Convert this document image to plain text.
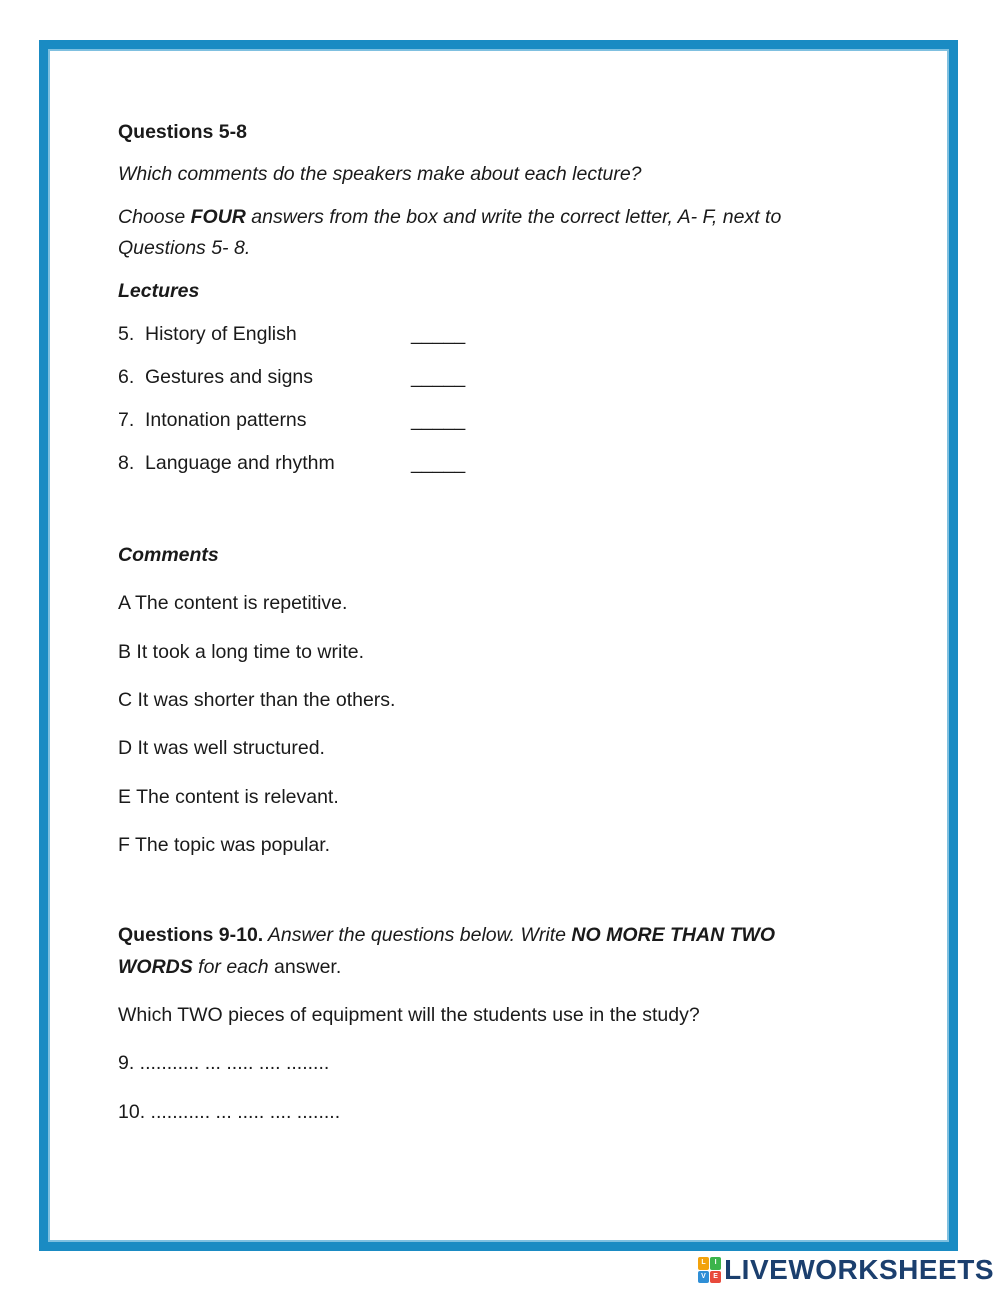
Questions 5-8
Which comments do the speakers make about each lecture?
Choose FOUR answers from the box and write the correct letter, A- F, next to
Questions 5- 8.
Lectures
5. History of English	_____
6. Gestures and signs	_____
7. Intonation patterns	_____
8. Language and rhythm	_____
Comments
A The content is repetitive.
B It took a long time to write.
C It was shorter than the others.
D It was well structured.
E The content is relevant.
F The topic was popular.
Questions 9-10. Answer the questions below. Write NO MORE THAN TWO
WORDS for each answer.
Which TWO pieces of equipment will the students use in the study?
9. ........... ... ..... .... ........
10. ........... ... ..... .... ........
L	I
V	E LIVEWORKSHEETS
